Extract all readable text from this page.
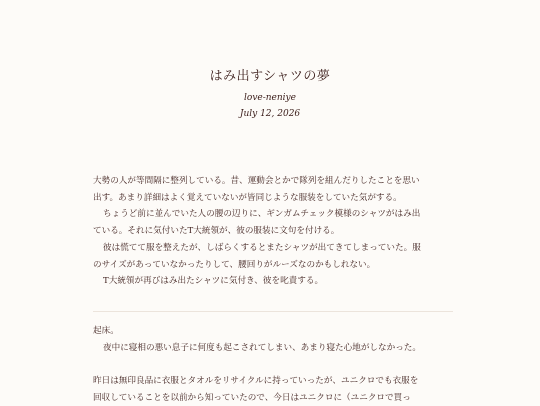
はみ出すシャツの夢
love-neniye
July 12, 2026
大勢の人が等間隔に整列している。昔、運動会とかで隊列を組んだりしたことを思い
出す。あまり詳細はよく覚えていないが皆同じような服装をしていた気がする。
ちょうど前に並んでいた人の腰の辺りに、ギンガムチェック模様のシャツがはみ出
ている。それに気付いたT大統領が、彼の服装に文句を付ける。
彼は慌てて服を整えたが、しばらくするとまたシャツが出てきてしまっていた。服
のサイズがあっていなかったりして、腰回りがルーズなのかもしれない。
T大統領が再びはみ出たシャツに気付き、彼を叱責する。
起床。
夜中に寝相の悪い息子に何度も起こされてしまい、あまり寝た心地がしなかった。
昨日は無印良品に衣服とタオルをリサイクルに持っていったが、ユニクロでも衣服を
回収していることを以前から知っていたので、今日はユニクロに（ユニクロで買っ
